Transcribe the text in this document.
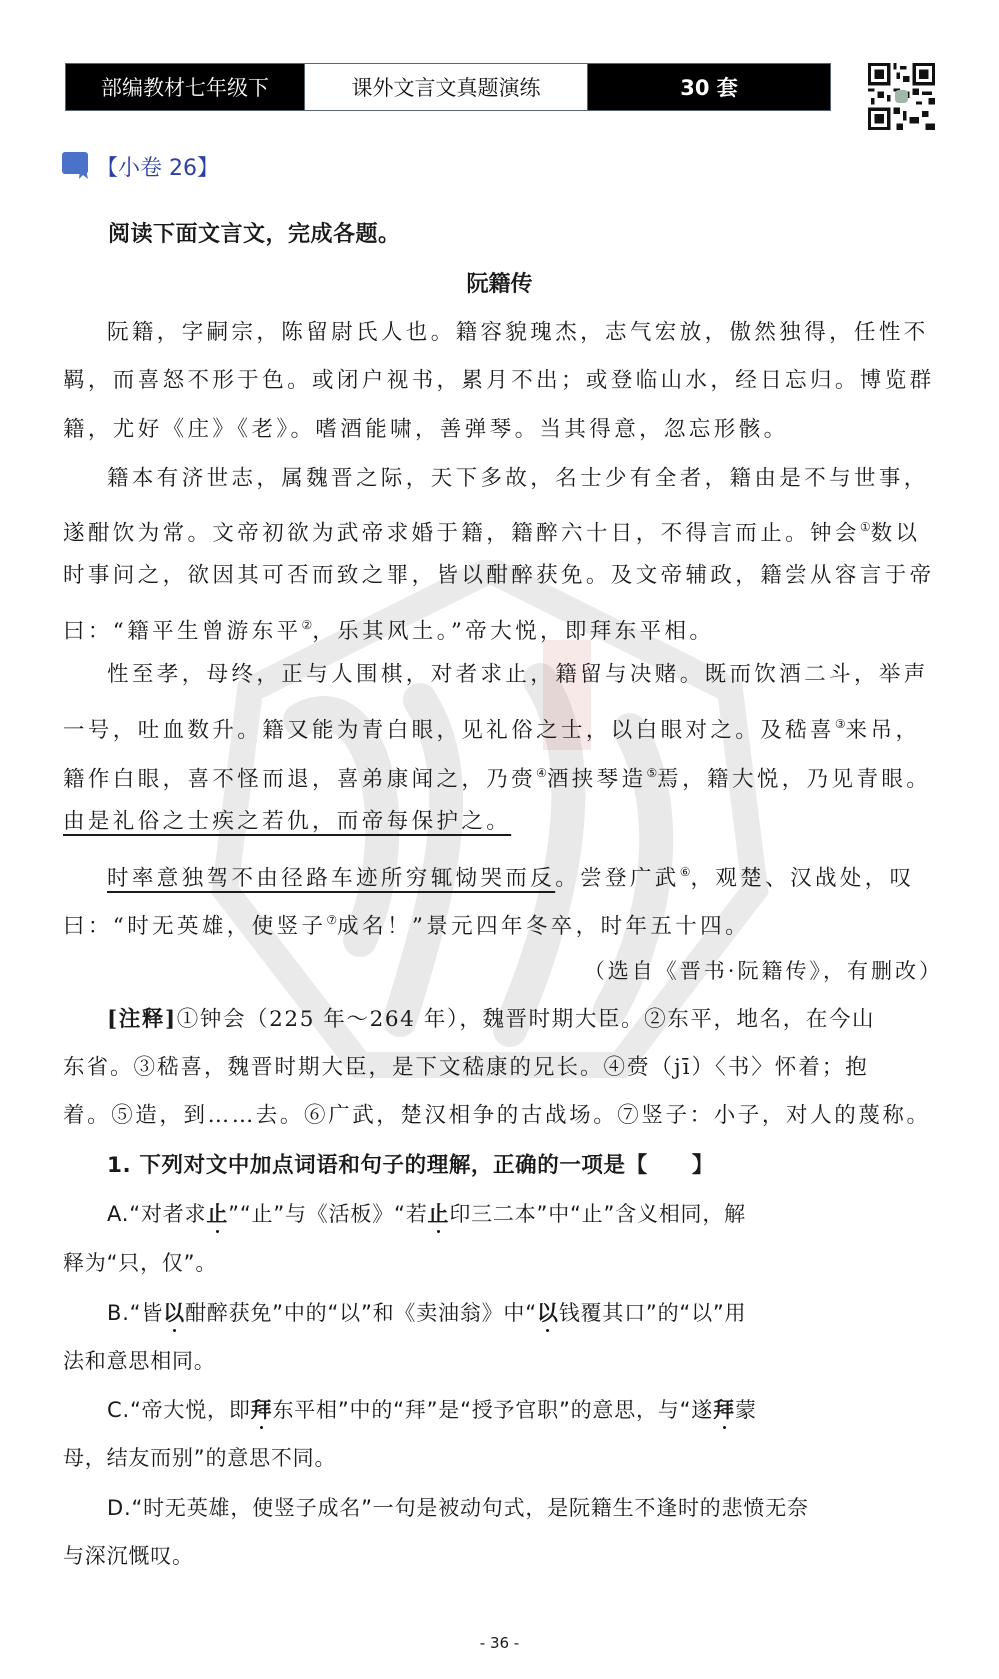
部编教材七年级下	课外文言文真题演练	30 套
【小卷 26】
阅读下面文言文，完成各题。
阮籍传
阮籍，字嗣宗，陈留尉氏人也。籍容貌瑰杰，志气宏放，傲然独得，任性不
羁，而喜怒不形于色。或闭户视书，累月不出；或登临山水，经日忘归。博览群
籍，尤好《庄》《老》。嗜酒能啸，善弹琴。当其得意，忽忘形骸。
籍本有济世志，属魏晋之际，天下多故，名士少有全者，籍由是不与世事，
遂酣饮为常。文帝初欲为武帝求婚于籍，籍醉六十日，不得言而止。钟会①数以
时事问之，欲因其可否而致之罪，皆以酣醉获免。及文帝辅政，籍尝从容言于帝
曰：“籍平生曾游东平②，乐其风土。”帝大悦，即拜东平相。
性至孝，母终，正与人围棋，对者求止，籍留与决赌。既而饮酒二斗，举声
一号，吐血数升。籍又能为青白眼，见礼俗之士，以白眼对之。及嵇喜③来吊，
籍作白眼，喜不怪而退，喜弟康闻之，乃赍④酒挟琴造⑤焉，籍大悦，乃见青眼。
由是礼俗之士疾之若仇，而帝每保护之。
时率意独驾不由径路车迹所穷辄恸哭而反。尝登广武⑥，观楚、汉战处，叹
曰：“时无英雄，使竖子⑦成名！”景元四年冬卒，时年五十四。
（选自《晋书·阮籍传》，有删改）
[注释]①钟会（225 年～264 年），魏晋时期大臣。②东平，地名，在今山
东省。③嵇喜，魏晋时期大臣，是下文嵇康的兄长。④赍（jī）〈书〉怀着；抱
着。⑤造，到……去。⑥广武，楚汉相争的古战场。⑦竖子：小子，对人的蔑称。
1. 下列对文中加点词语和句子的理解，正确的一项是【　　】
A.“对者求止”“止”与《活板》“若止印三二本”中“止”含义相同，解
释为“只，仅”。
B.“皆以酣醉获免”中的“以”和《卖油翁》中“以钱覆其口”的“以”用
法和意思相同。
C.“帝大悦，即拜东平相”中的“拜”是“授予官职”的意思，与“遂拜蒙
母，结友而别”的意思不同。
D.“时无英雄，使竖子成名”一句是被动句式，是阮籍生不逢时的悲愤无奈
与深沉慨叹。
- 36 -
